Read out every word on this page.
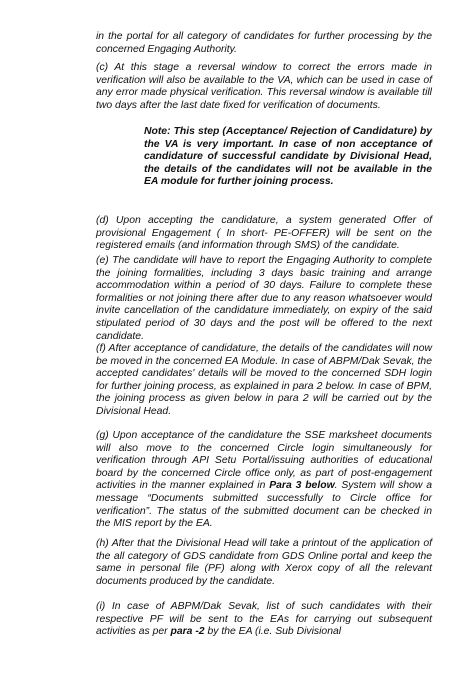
in the portal for all category of candidates for further processing by the concerned Engaging Authority.

(c) At this stage a reversal window to correct the errors made in verification will also be available to the VA, which can be used in case of any error made physical verification. This reversal window is available till two days after the last date fixed for verification of documents.

Note: This step (Acceptance/ Rejection of Candidature) by the VA is very important. In case of non acceptance of candidature of successful candidate by Divisional Head, the details of the candidates will not be available in the EA module for further joining process.

(d) Upon accepting the candidature, a system generated Offer of provisional Engagement ( In short- PE-OFFER) will be sent on the registered emails (and information through SMS) of the candidate.

(e) The candidate will have to report the Engaging Authority to complete the joining formalities, including 3 days basic training and arrange accommodation within a period of 30 days. Failure to complete these formalities or not joining there after due to any reason whatsoever would invite cancellation of the candidature immediately, on expiry of the said stipulated period of 30 days and the post will be offered to the next candidate.

(f) After acceptance of candidature, the details of the candidates will now be moved in the concerned EA Module. In case of ABPM/Dak Sevak, the accepted candidates' details will be moved to the concerned SDH login for further joining process, as explained in para 2 below. In case of BPM, the joining process as given below in para 2 will be carried out by the Divisional Head.

(g) Upon acceptance of the candidature the SSE marksheet documents will also move to the concerned Circle login simultaneously for verification through API Setu Portal/issuing authorities of educational board by the concerned Circle office only, as part of post-engagement activities in the manner explained in Para 3 below. System will show a message “Documents submitted successfully to Circle office for verification”. The status of the submitted document can be checked in the MIS report by the EA.

(h) After that the Divisional Head will take a printout of the application of the all category of GDS candidate from GDS Online portal and keep the same in personal file (PF) along with Xerox copy of all the relevant documents produced by the candidate.

(i) In case of ABPM/Dak Sevak, list of such candidates with their respective PF will be sent to the EAs for carrying out subsequent activities as per para -2 by the EA (i.e. Sub Divisional
